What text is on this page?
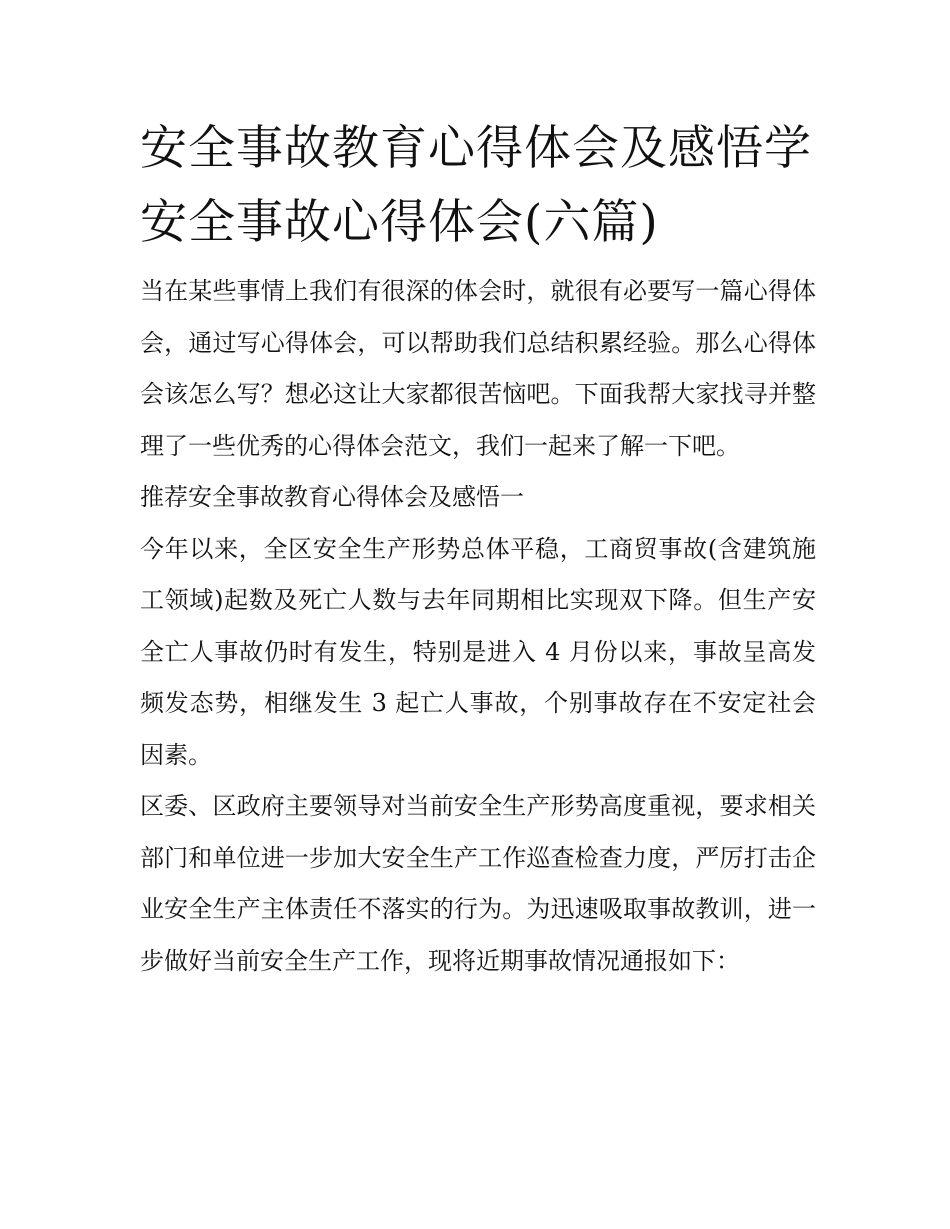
安全事故教育心得体会及感悟学安全事故心得体会(六篇)

当在某些事情上我们有很深的体会时，就很有必要写一篇心得体会，通过写心得体会，可以帮助我们总结积累经验。那么心得体会该怎么写？想必这让大家都很苦恼吧。下面我帮大家找寻并整理了一些优秀的心得体会范文，我们一起来了解一下吧。

推荐安全事故教育心得体会及感悟一

今年以来，全区安全生产形势总体平稳，工商贸事故(含建筑施工领域)起数及死亡人数与去年同期相比实现双下降。但生产安全亡人事故仍时有发生，特别是进入 4 月份以来，事故呈高发频发态势，相继发生 3 起亡人事故，个别事故存在不安定社会因素。

区委、区政府主要领导对当前安全生产形势高度重视，要求相关部门和单位进一步加大安全生产工作巡查检查力度，严厉打击企业安全生产主体责任不落实的行为。为迅速吸取事故教训，进一步做好当前安全生产工作，现将近期事故情况通报如下：
